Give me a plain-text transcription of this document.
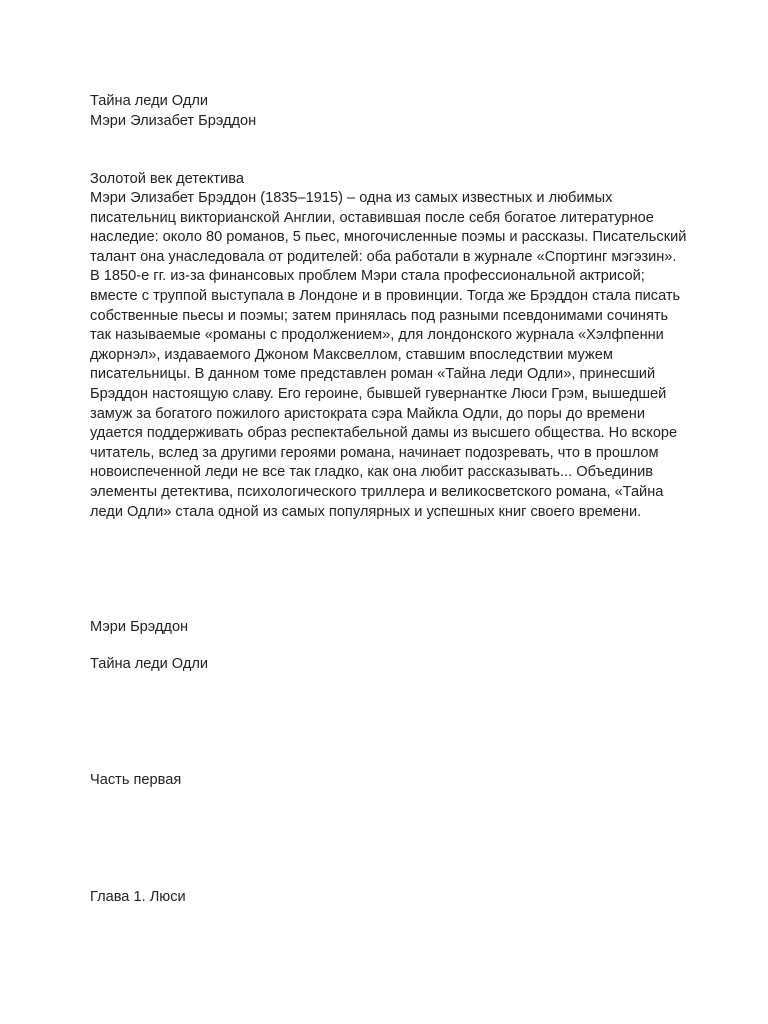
Тайна леди Одли
Мэри Элизабет Брэддон
Золотой век детектива
Мэри Элизабет Брэддон (1835–1915) – одна из самых известных и любимых писательниц викторианской Англии, оставившая после себя богатое литературное наследие: около 80 романов, 5 пьес, многочисленные поэмы и рассказы. Писательский талант она унаследовала от родителей: оба работали в журнале «Спортинг мэгэзин». В 1850-е гг. из-за финансовых проблем Мэри стала профессиональной актрисой; вместе с труппой выступала в Лондоне и в провинции. Тогда же Брэддон стала писать собственные пьесы и поэмы; затем принялась под разными псевдонимами сочинять так называемые «романы с продолжением», для лондонского журнала «Хэлфпенни джорнэл», издаваемого Джоном Максвеллом, ставшим впоследствии мужем писательницы. В данном томе представлен роман «Тайна леди Одли», принесший Брэддон настоящую славу. Его героине, бывшей гувернантке Люси Грэм, вышедшей замуж за богатого пожилого аристократа сэра Майкла Одли, до поры до времени удается поддерживать образ респектабельной дамы из высшего общества. Но вскоре читатель, вслед за другими героями романа, начинает подозревать, что в прошлом новоиспеченной леди не все так гладко, как она любит рассказывать... Объединив элементы детектива, психологического триллера и великосветского романа, «Тайна леди Одли» стала одной из самых популярных и успешных книг своего времени.
Мэри Брэддон
Тайна леди Одли
Часть первая
Глава 1. Люси
